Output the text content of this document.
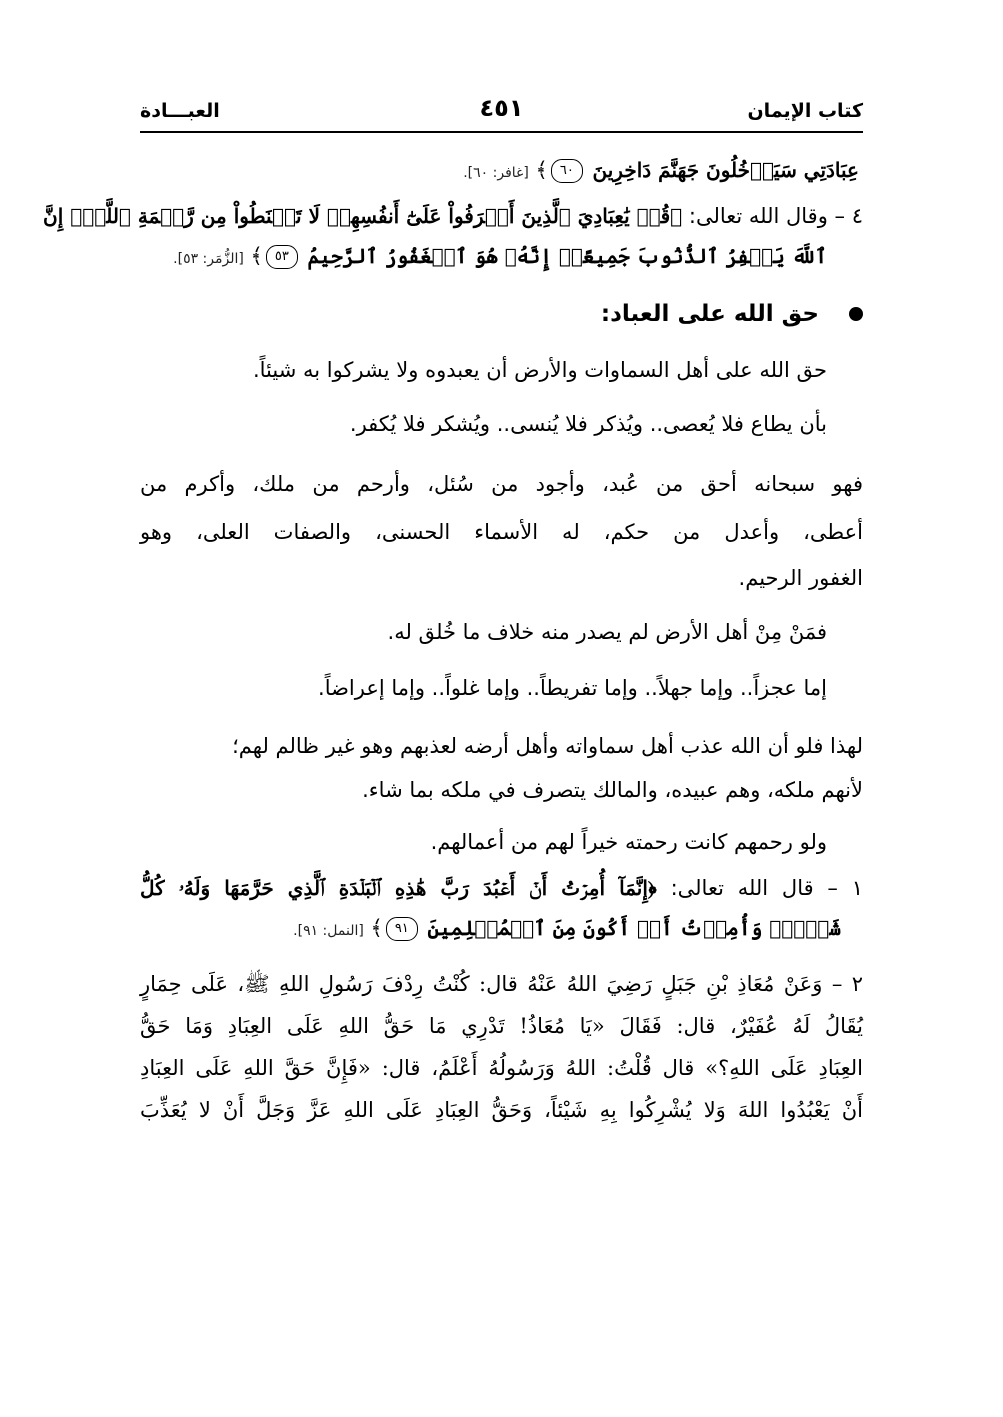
كتاب الإيمان
٤٥١
العبـــادة

عِبَادَتِي سَيَدۡخُلُونَ جَهَنَّمَ دَاخِرِينَ ٦٠﴾ [غافر: ٦٠].

٤ – وقال الله تعالى: ﴿قُلۡ يَٰعِبَادِيَ ٱلَّذِينَ أَسۡرَفُواْ عَلَىٰٓ أَنفُسِهِمۡ لَا تَقۡنَطُواْ مِن رَّحۡمَةِ ٱللَّهِۚ إِنَّ

ٱللَّهَ يَغۡفِرُ ٱلذُّنُوبَ جَمِيعًاۚ إِنَّهُۥ هُوَ ٱلۡغَفُورُ ٱلرَّحِيمُ ٥٣﴾ [الزُّمَر: ٥٣].

حق الله على العباد:

حق الله على أهل السماوات والأرض أن يعبدوه ولا يشركوا به شيئاً.

بأن يطاع فلا يُعصى.. ويُذكر فلا يُنسى.. ويُشكر فلا يُكفر.

فهو سبحانه أحق من عُبد، وأجود من سُئل، وأرحم من ملك، وأكرم من

أعطى، وأعدل من حكم، له الأسماء الحسنى، والصفات العلى، وهو

الغفور الرحيم.

فمَنْ مِنْ أهل الأرض لم يصدر منه خلاف ما خُلق له.

إما عجزاً.. وإما جهلاً.. وإما تفريطاً.. وإما غلواً.. وإما إعراضاً.

لهذا فلو أن الله عذب أهل سماواته وأهل أرضه لعذبهم وهو غير ظالم لهم؛

لأنهم ملكه، وهم عبيده، والمالك يتصرف في ملكه بما شاء.

ولو رحمهم كانت رحمته خيراً لهم من أعمالهم.

١ – قال الله تعالى: ﴿إِنَّمَآ أُمِرۡتُ أَنۡ أَعۡبُدَ رَبَّ هَٰذِهِ ٱلۡبَلۡدَةِ ٱلَّذِي حَرَّمَهَا وَلَهُۥ كُلُّ

شَيۡءٖۖ وَأُمِرۡتُ أَنۡ أَكُونَ مِنَ ٱلۡمُسۡلِمِينَ ٩١﴾ [النمل: ٩١].

٢ – وَعَنْ مُعَاذِ بْنِ جَبَلٍ رَضِيَ اللهُ عَنْهُ قال: كُنْتُ رِدْفَ رَسُولِ اللهِ ﷺ، عَلَى حِمَارٍ

يُقَالُ لَهُ عُفَيْرٌ، قال: فَقَالَ «يَا مُعَاذُ! تَدْرِي مَا حَقُّ اللهِ عَلَى العِبَادِ وَمَا حَقُّ

العِبَادِ عَلَى اللهِ؟» قال قُلْتُ: اللهُ وَرَسُولُهُ أَعْلَمُ، قال: «فَإِنَّ حَقَّ اللهِ عَلَى العِبَادِ

أَنْ يَعْبُدُوا اللهَ وَلا يُشْرِكُوا بِهِ شَيْئاً، وَحَقُّ العِبَادِ عَلَى اللهِ عَزَّ وَجَلَّ أَنْ لا يُعَذِّبَ
